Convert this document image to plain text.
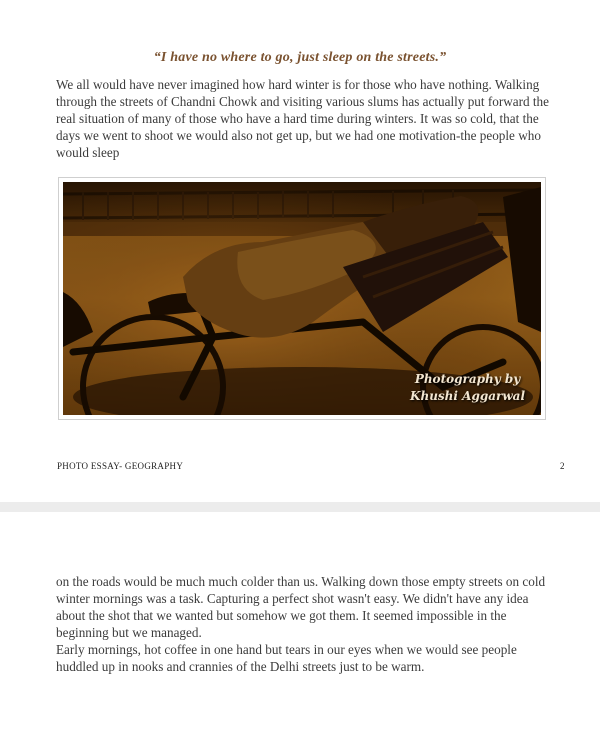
“I have no where to go, just sleep on the streets.”
We all would have never imagined how hard winter is for those who have nothing. Walking through the streets of Chandni Chowk and visiting various slums has actually put forward the real situation of many of those who have a hard time during winters. It was so cold, that the days we went to shoot we would also not get up, but we had one motivation-the people who would sleep
Photography by
Khushi Aggarwal
PHOTO ESSAY- GEOGRAPHY	2
on the roads would be much much colder than us. Walking down those empty streets on cold winter mornings was a task. Capturing a perfect shot wasn't easy. We didn't have any idea about the shot that we wanted but somehow we got them. It seemed impossible in the beginning but we managed.
Early mornings, hot coffee in one hand but tears in our eyes when we would see people huddled up in nooks and crannies of the Delhi streets just to be warm.
